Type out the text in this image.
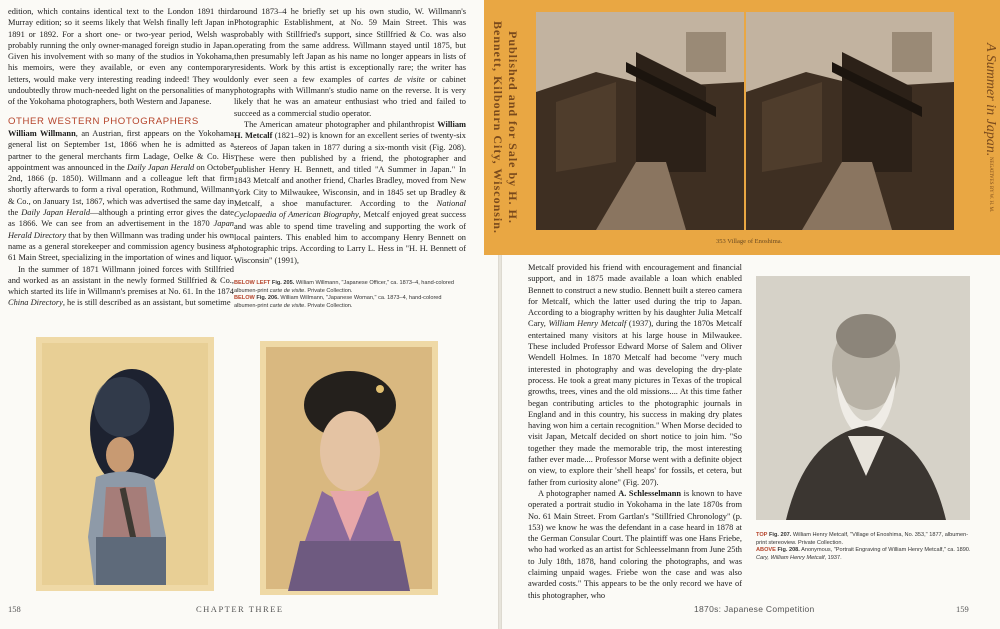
edition, which contains identical text to the London 1891 third Murray edition; so it seems likely that Welsh finally left Japan in 1891 or 1892. For a short one- or two-year period, Welsh was probably running the only owner-managed foreign studio in Japan. Given his involvement with so many of the studios in Yokohama, his memoirs, were they available, or even any contemporary letters, would make very interesting reading indeed! They would undoubtedly throw much-needed light on the personalities of many of the Yokohama photographers, both Western and Japanese.

OTHER WESTERN PHOTOGRAPHERS

William Willmann, an Austrian, first appears on the Yokohama general list on September 1st, 1866 when he is admitted as a partner to the general merchants firm Ladage, Oelke & Co. His appointment was announced in the Daily Japan Herald on October 2nd, 1866 (p. 1850). Willmann and a colleague left that firm shortly afterwards to form a rival operation, Rothmund, Willmann & Co., on January 1st, 1867, which was advertised the same day in the Daily Japan Herald—although a printing error gives the date as 1866. We can see from an advertisement in the 1870 Japan Herald Directory that by then Willmann was trading under his own name as a general storekeeper and commission agency business at 61 Main Street, specializing in the importation of wines and liquor.

In the summer of 1871 Willmann joined forces with Stillfried and worked as an assistant in the newly formed Stillfried & Co., which started its life in Willmann's premises at No. 61. In the 1874 China Directory, he is still described as an assistant, but sometime

around 1873–4 he briefly set up his own studio, W. Willmann's Photographic Establishment, at No. 59 Main Street. This was probably with Stillfried's support, since Stillfried & Co. was also operating from the same address. Willmann stayed until 1875, but then presumably left Japan as his name no longer appears in lists of residents. Work by this artist is exceptionally rare; the writer has only ever seen a few examples of cartes de visite or cabinet photographs with Willmann's studio name on the reverse. It is very likely that he was an amateur enthusiast who tried and failed to succeed as a commercial studio operator.

The American amateur photographer and philanthropist William H. Metcalf (1821–92) is known for an excellent series of twenty-six stereos of Japan taken in 1877 during a six-month visit (Fig. 208). These were then published by a friend, the photographer and publisher Henry H. Bennett, and titled "A Summer in Japan." In 1843 Metcalf and another friend, Charles Bradley, moved from New York City to Milwaukee, Wisconsin, and in 1845 set up Bradley & Metcalf, a shoe manufacturer. According to the National Cyclopaedia of American Biography, Metcalf enjoyed great success and was able to spend time traveling and supporting the work of local painters. This enabled him to accompany Henry Bennett on photographic trips. According to Larry L. Hess in "H. H. Bennett of Wisconsin" (1991),

BELOW LEFT Fig. 205. William Willmann, "Japanese Officer," ca. 1873–4, hand-colored albumen-print carte de visite. Private Collection.
BELOW Fig. 206. William Willmann, "Japanese Woman," ca. 1873–4, hand-colored albumen-print carte de visite. Private Collection.
158	CHAPTER THREE
Published and for Sale by H. H. Bennett, Kilbourn City, Wisconsin.
353 Village of Enoshima.
A Summer in Japan.NEGATIVES BY W. H. M.

Metcalf provided his friend with encouragement and financial support, and in 1875 made available a loan which enabled Bennett to construct a new studio. Bennett built a stereo camera for Metcalf, which the latter used during the trip to Japan. According to a biography written by his daughter Julia Metcalf Cary, William Henry Metcalf (1937), during the 1870s Metcalf entertained many visitors at his large house in Milwaukee. These included Professor Edward Morse of Salem and Oliver Wendell Holmes. In 1870 Metcalf had become "very much interested in photography and was developing the dry-plate process. He took a great many pictures in Texas of the tropical growths, trees, vines and the old missions.... At this time father began contributing articles to the photographic journals in England and in this country, his success in making dry plates having won him a certain recognition." When Morse decided to visit Japan, Metcalf decided on short notice to join him. "So together they made the memorable trip, the most interesting father ever made.... Professor Morse went with a definite object on view, to explore their 'shell heaps' for fossils, et cetera, but father from curiosity alone" (Fig. 207).

A photographer named A. Schlesselmann is known to have operated a portrait studio in Yokohama in the late 1870s from No. 61 Main Street. From Gartlan's "Stillfried Chronology" (p. 153) we know he was the defendant in a case heard in 1878 at the German Consular Court. The plaintiff was one Hans Friebe, who had worked as an artist for Schleesselmann from June 25th to July 18th, 1878, hand coloring the photographs, and was claiming unpaid wages. Friebe won the case and was also awarded costs." This appears to be the only record we have of this photographer, who

TOP Fig. 207. William Henry Metcalf, "Village of Enoshima, No. 353," 1877, albumen-print stereoview. Private Collection.
ABOVE Fig. 208. Anonymous, "Portrait Engraving of William Henry Metcalf," ca. 1890. Cary, William Henry Metcalf, 1937.
1870s: Japanese Competition	159
